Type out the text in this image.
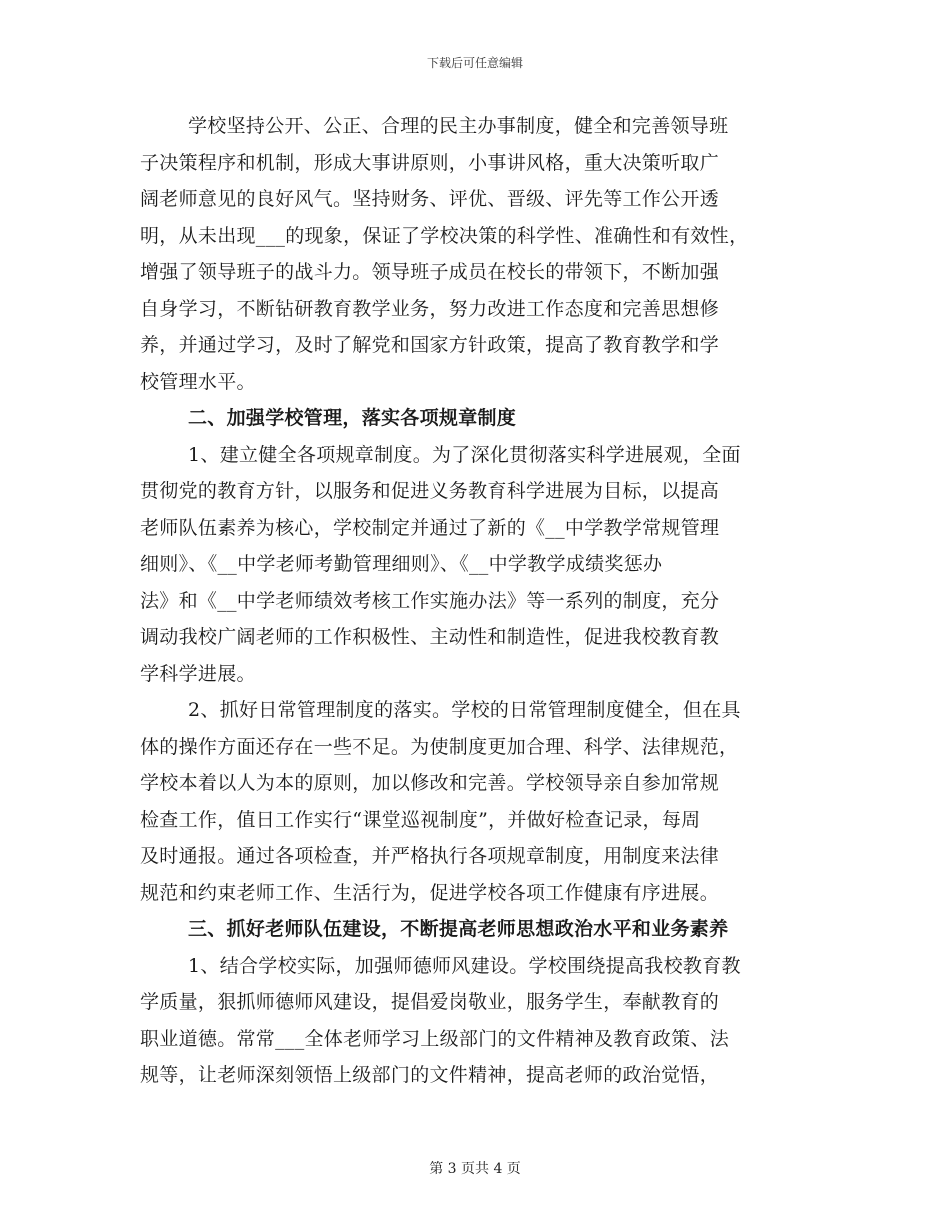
下载后可任意编辑
学校坚持公开、公正、合理的民主办事制度，健全和完善领导班
子决策程序和机制，形成大事讲原则，小事讲风格，重大决策听取广
阔老师意见的良好风气。坚持财务、评优、晋级、评先等工作公开透
明，从未出现___的现象，保证了学校决策的科学性、准确性和有效性，
增强了领导班子的战斗力。领导班子成员在校长的带领下，不断加强
自身学习，不断钻研教育教学业务，努力改进工作态度和完善思想修
养，并通过学习，及时了解党和国家方针政策，提高了教育教学和学
校管理水平。
二、加强学校管理，落实各项规章制度
1、建立健全各项规章制度。为了深化贯彻落实科学进展观，全面
贯彻党的教育方针，以服务和促进义务教育科学进展为目标，以提高
老师队伍素养为核心，学校制定并通过了新的《__中学教学常规管理
细则》、《__中学老师考勤管理细则》、《__中学教学成绩奖惩办
法》和《__中学老师绩效考核工作实施办法》等一系列的制度，充分
调动我校广阔老师的工作积极性、主动性和制造性，促进我校教育教
学科学进展。
2、抓好日常管理制度的落实。学校的日常管理制度健全，但在具
体的操作方面还存在一些不足。为使制度更加合理、科学、法律规范，
学校本着以人为本的原则，加以修改和完善。学校领导亲自参加常规
检查工作，值日工作实行“课堂巡视制度”，并做好检查记录，每周
及时通报。通过各项检查，并严格执行各项规章制度，用制度来法律
规范和约束老师工作、生活行为，促进学校各项工作健康有序进展。
三、抓好老师队伍建设，不断提高老师思想政治水平和业务素养
1、结合学校实际，加强师德师风建设。学校围绕提高我校教育教
学质量，狠抓师德师风建设，提倡爱岗敬业，服务学生，奉献教育的
职业道德。常常___全体老师学习上级部门的文件精神及教育政策、法
规等，让老师深刻领悟上级部门的文件精神，提高老师的政治觉悟，
第 3 页共 4 页
